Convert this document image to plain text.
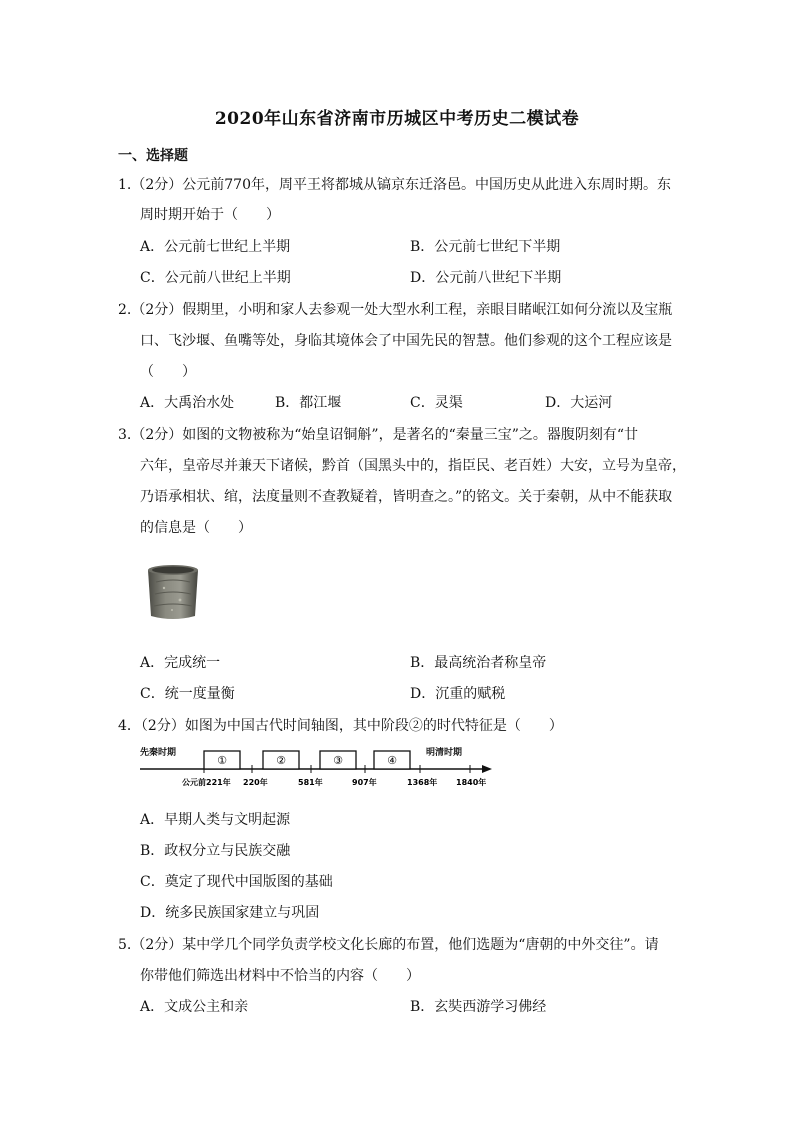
2020年山东省济南市历城区中考历史二模试卷
一、选择题
1.（2分）公元前770年，周平王将都城从镐京东迁洛邑。中国历史从此进入东周时期。东
周时期开始于（　　）
A．公元前七世纪上半期	B．公元前七世纪下半期
C．公元前八世纪上半期	D．公元前八世纪下半期
2.（2分）假期里，小明和家人去参观一处大型水利工程，亲眼目睹岷江如何分流以及宝瓶
口、飞沙堰、鱼嘴等处，身临其境体会了中国先民的智慧。他们参观的这个工程应该是
（　　）
A．大禹治水处	B．都江堰	C．灵渠	D．大运河
3.（2分）如图的文物被称为“始皇诏铜斛”，是著名的“秦量三宝”之。器腹阴刻有“廿
六年，皇帝尽并兼天下诸候，黔首（国黑头中的，指臣民、老百姓）大安，立号为皇帝，
乃语承相状、绾，法度量则不查教疑着，皆明查之。”的铭文。关于秦朝，从中不能获取
的信息是（　　）
A．完成统一	B．最高统治者称皇帝
C．统一度量衡	D．沉重的赋税
4．（2分）如图为中国古代时间轴图，其中阶段②的时代特征是（　　）
先秦时期	明清时期
①	②	③	④
公元前221年 220年	581年	907年	1368年 1840年
A．早期人类与文明起源
B．政权分立与民族交融
C．奠定了现代中国版图的基础
D．统多民族国家建立与巩固
5.（2分）某中学几个同学负责学校文化长廊的布置，他们选题为“唐朝的中外交往”。请
你带他们筛选出材料中不恰当的内容（　　）
A．文成公主和亲	B．玄奘西游学习佛经
